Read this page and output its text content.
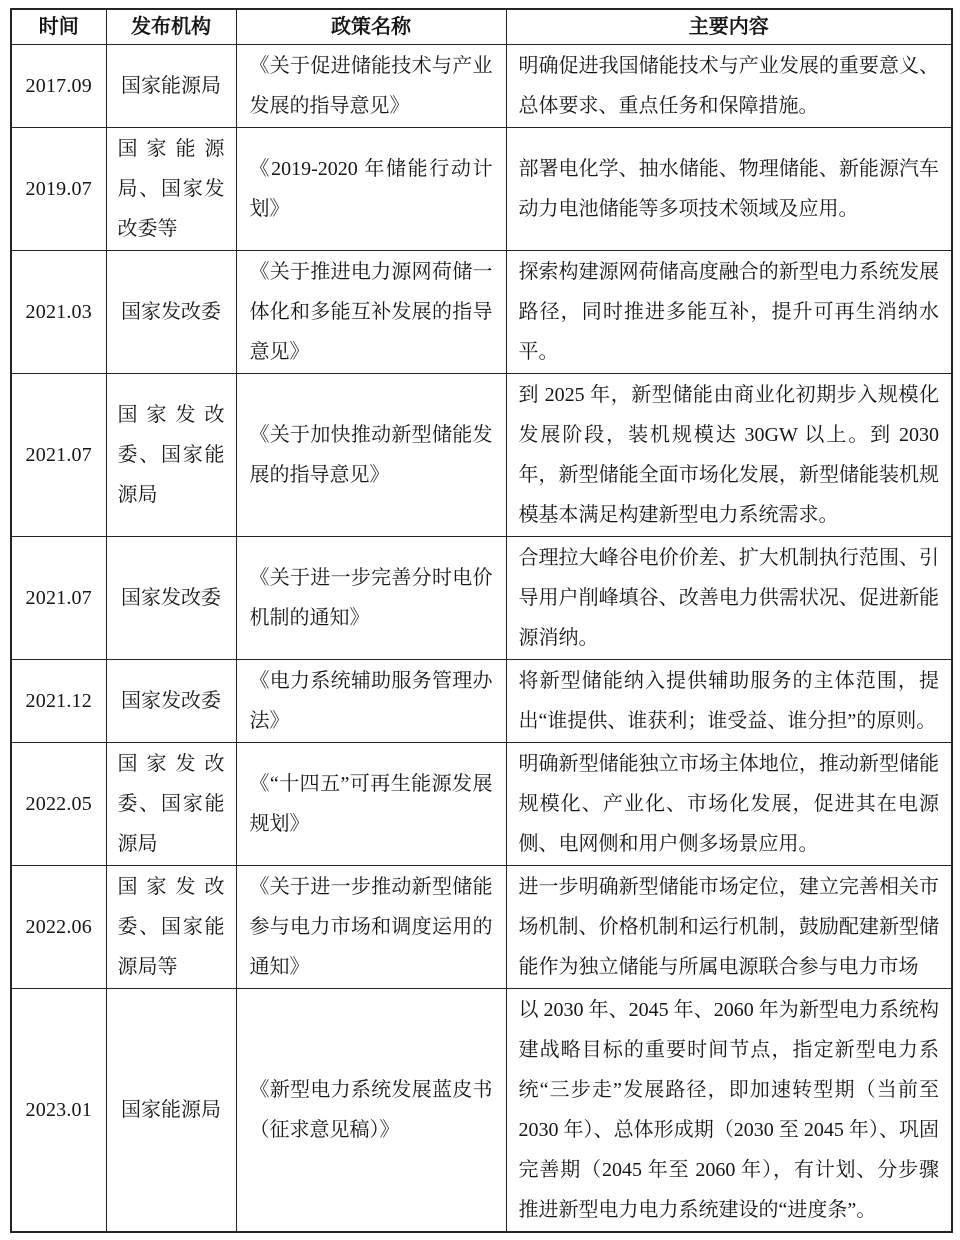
时间	发布机构	政策名称	主要内容
2017.09	国家能源局	《关于促进储能技术与产业发展的指导意见》	明确促进我国储能技术与产业发展的重要意义、总体要求、重点任务和保障措施。
2019.07	国家能源局、国家发改委等	《2019-2020 年储能行动计划》	部署电化学、抽水储能、物理储能、新能源汽车动力电池储能等多项技术领域及应用。
2021.03	国家发改委	《关于推进电力源网荷储一体化和多能互补发展的指导意见》	探索构建源网荷储高度融合的新型电力系统发展路径，同时推进多能互补，提升可再生消纳水平。
2021.07	国家发改委、国家能源局	《关于加快推动新型储能发展的指导意见》	到 2025 年，新型储能由商业化初期步入规模化发展阶段，装机规模达 30GW 以上。到 2030 年，新型储能全面市场化发展，新型储能装机规模基本满足构建新型电力系统需求。
2021.07	国家发改委	《关于进一步完善分时电价机制的通知》	合理拉大峰谷电价价差、扩大机制执行范围、引导用户削峰填谷、改善电力供需状况、促进新能源消纳。
2021.12	国家发改委	《电力系统辅助服务管理办法》	将新型储能纳入提供辅助服务的主体范围，提出“谁提供、谁获利；谁受益、谁分担”的原则。
2022.05	国家发改委、国家能源局	《“十四五”可再生能源发展规划》	明确新型储能独立市场主体地位，推动新型储能规模化、产业化、市场化发展，促进其在电源侧、电网侧和用户侧多场景应用。
2022.06	国家发改委、国家能源局等	《关于进一步推动新型储能参与电力市场和调度运用的通知》	进一步明确新型储能市场定位，建立完善相关市场机制、价格机制和运行机制，鼓励配建新型储能作为独立储能与所属电源联合参与电力市场
2023.01	国家能源局	《新型电力系统发展蓝皮书（征求意见稿）》	以 2030 年、2045 年、2060 年为新型电力系统构建战略目标的重要时间节点，指定新型电力系统“三步走”发展路径，即加速转型期（当前至 2030 年）、总体形成期（2030 至 2045 年）、巩固完善期（2045 年至 2060 年），有计划、分步骤推进新型电力电力系统建设的“进度条”。
